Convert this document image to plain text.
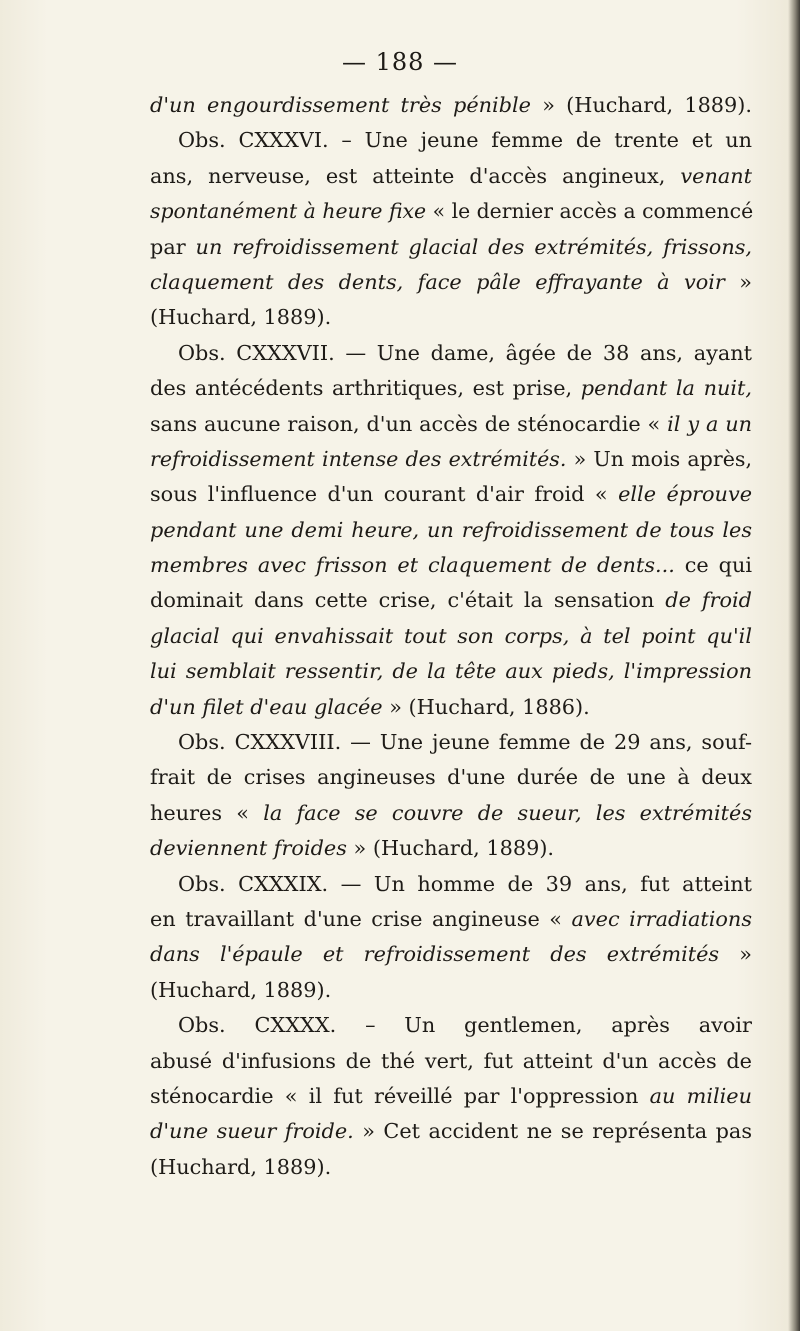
— 188 —
d'un engourdissement très pénible » (Huchard, 1889).
Obs. CXXXVI. – Une jeune femme de trente et un
ans, nerveuse, est atteinte d'accès angineux, venant
spontanément à heure fixe « le dernier accès a commencé
par un refroidissement glacial des extrémités, frissons,
claquement des dents, face pâle effrayante à voir »
(Huchard, 1889).
Obs. CXXXVII. — Une dame, âgée de 38 ans, ayant
des antécédents arthritiques, est prise, pendant la nuit,
sans aucune raison, d'un accès de sténocardie « il y a un
refroidissement intense des extrémités. » Un mois après,
sous l'influence d'un courant d'air froid « elle éprouve
pendant une demi heure, un refroidissement de tous les
membres avec frisson et claquement de dents... ce qui
dominait dans cette crise, c'était la sensation de froid
glacial qui envahissait tout son corps, à tel point qu'il
lui semblait ressentir, de la tête aux pieds, l'impression
d'un filet d'eau glacée » (Huchard, 1886).
Obs. CXXXVIII. — Une jeune femme de 29 ans, souf-
frait de crises angineuses d'une durée de une à deux
heures « la face se couvre de sueur, les extrémités
deviennent froides » (Huchard, 1889).
Obs. CXXXIX. — Un homme de 39 ans, fut atteint
en travaillant d'une crise angineuse « avec irradiations
dans l'épaule et refroidissement des extrémités »
(Huchard, 1889).
Obs. CXXXX. – Un gentlemen, après avoir
abusé d'infusions de thé vert, fut atteint d'un accès de
sténocardie « il fut réveillé par l'oppression au milieu
d'une sueur froide. » Cet accident ne se représenta pas
(Huchard, 1889).
